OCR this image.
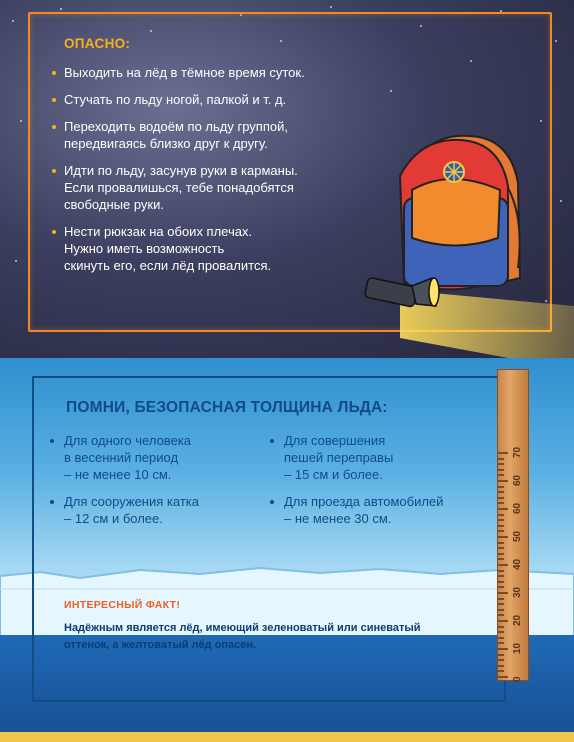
ОПАСНО:
Выходить на лёд в тёмное время суток.
Стучать по льду ногой, палкой и т. д.
Переходить водоём по льду группой,
передвигаясь близко друг к другу.
Идти по льду, засунув руки в карманы.
Если провалишься, тебе понадобятся
свободные руки.
Нести рюкзак на обоих плечах.
Нужно иметь возможность
скинуть его, если лёд провалится.
ПОМНИ, БЕЗОПАСНАЯ ТОЛЩИНА ЛЬДА:
Для одного человека
в весенний период
– не менее 10 см.
Для сооружения катка
– 12 см и более.
Для совершения
пешей переправы
– 15 см и более.
Для проезда автомобилей
– не менее 30 см.
ИНТЕРЕСНЫЙ ФАКТ!
Надёжным является лёд, имеющий зеленоватый или синеватый
оттенок, а желтоватый лёд опасен.
0
10
20
30
40
50
60
60
70
